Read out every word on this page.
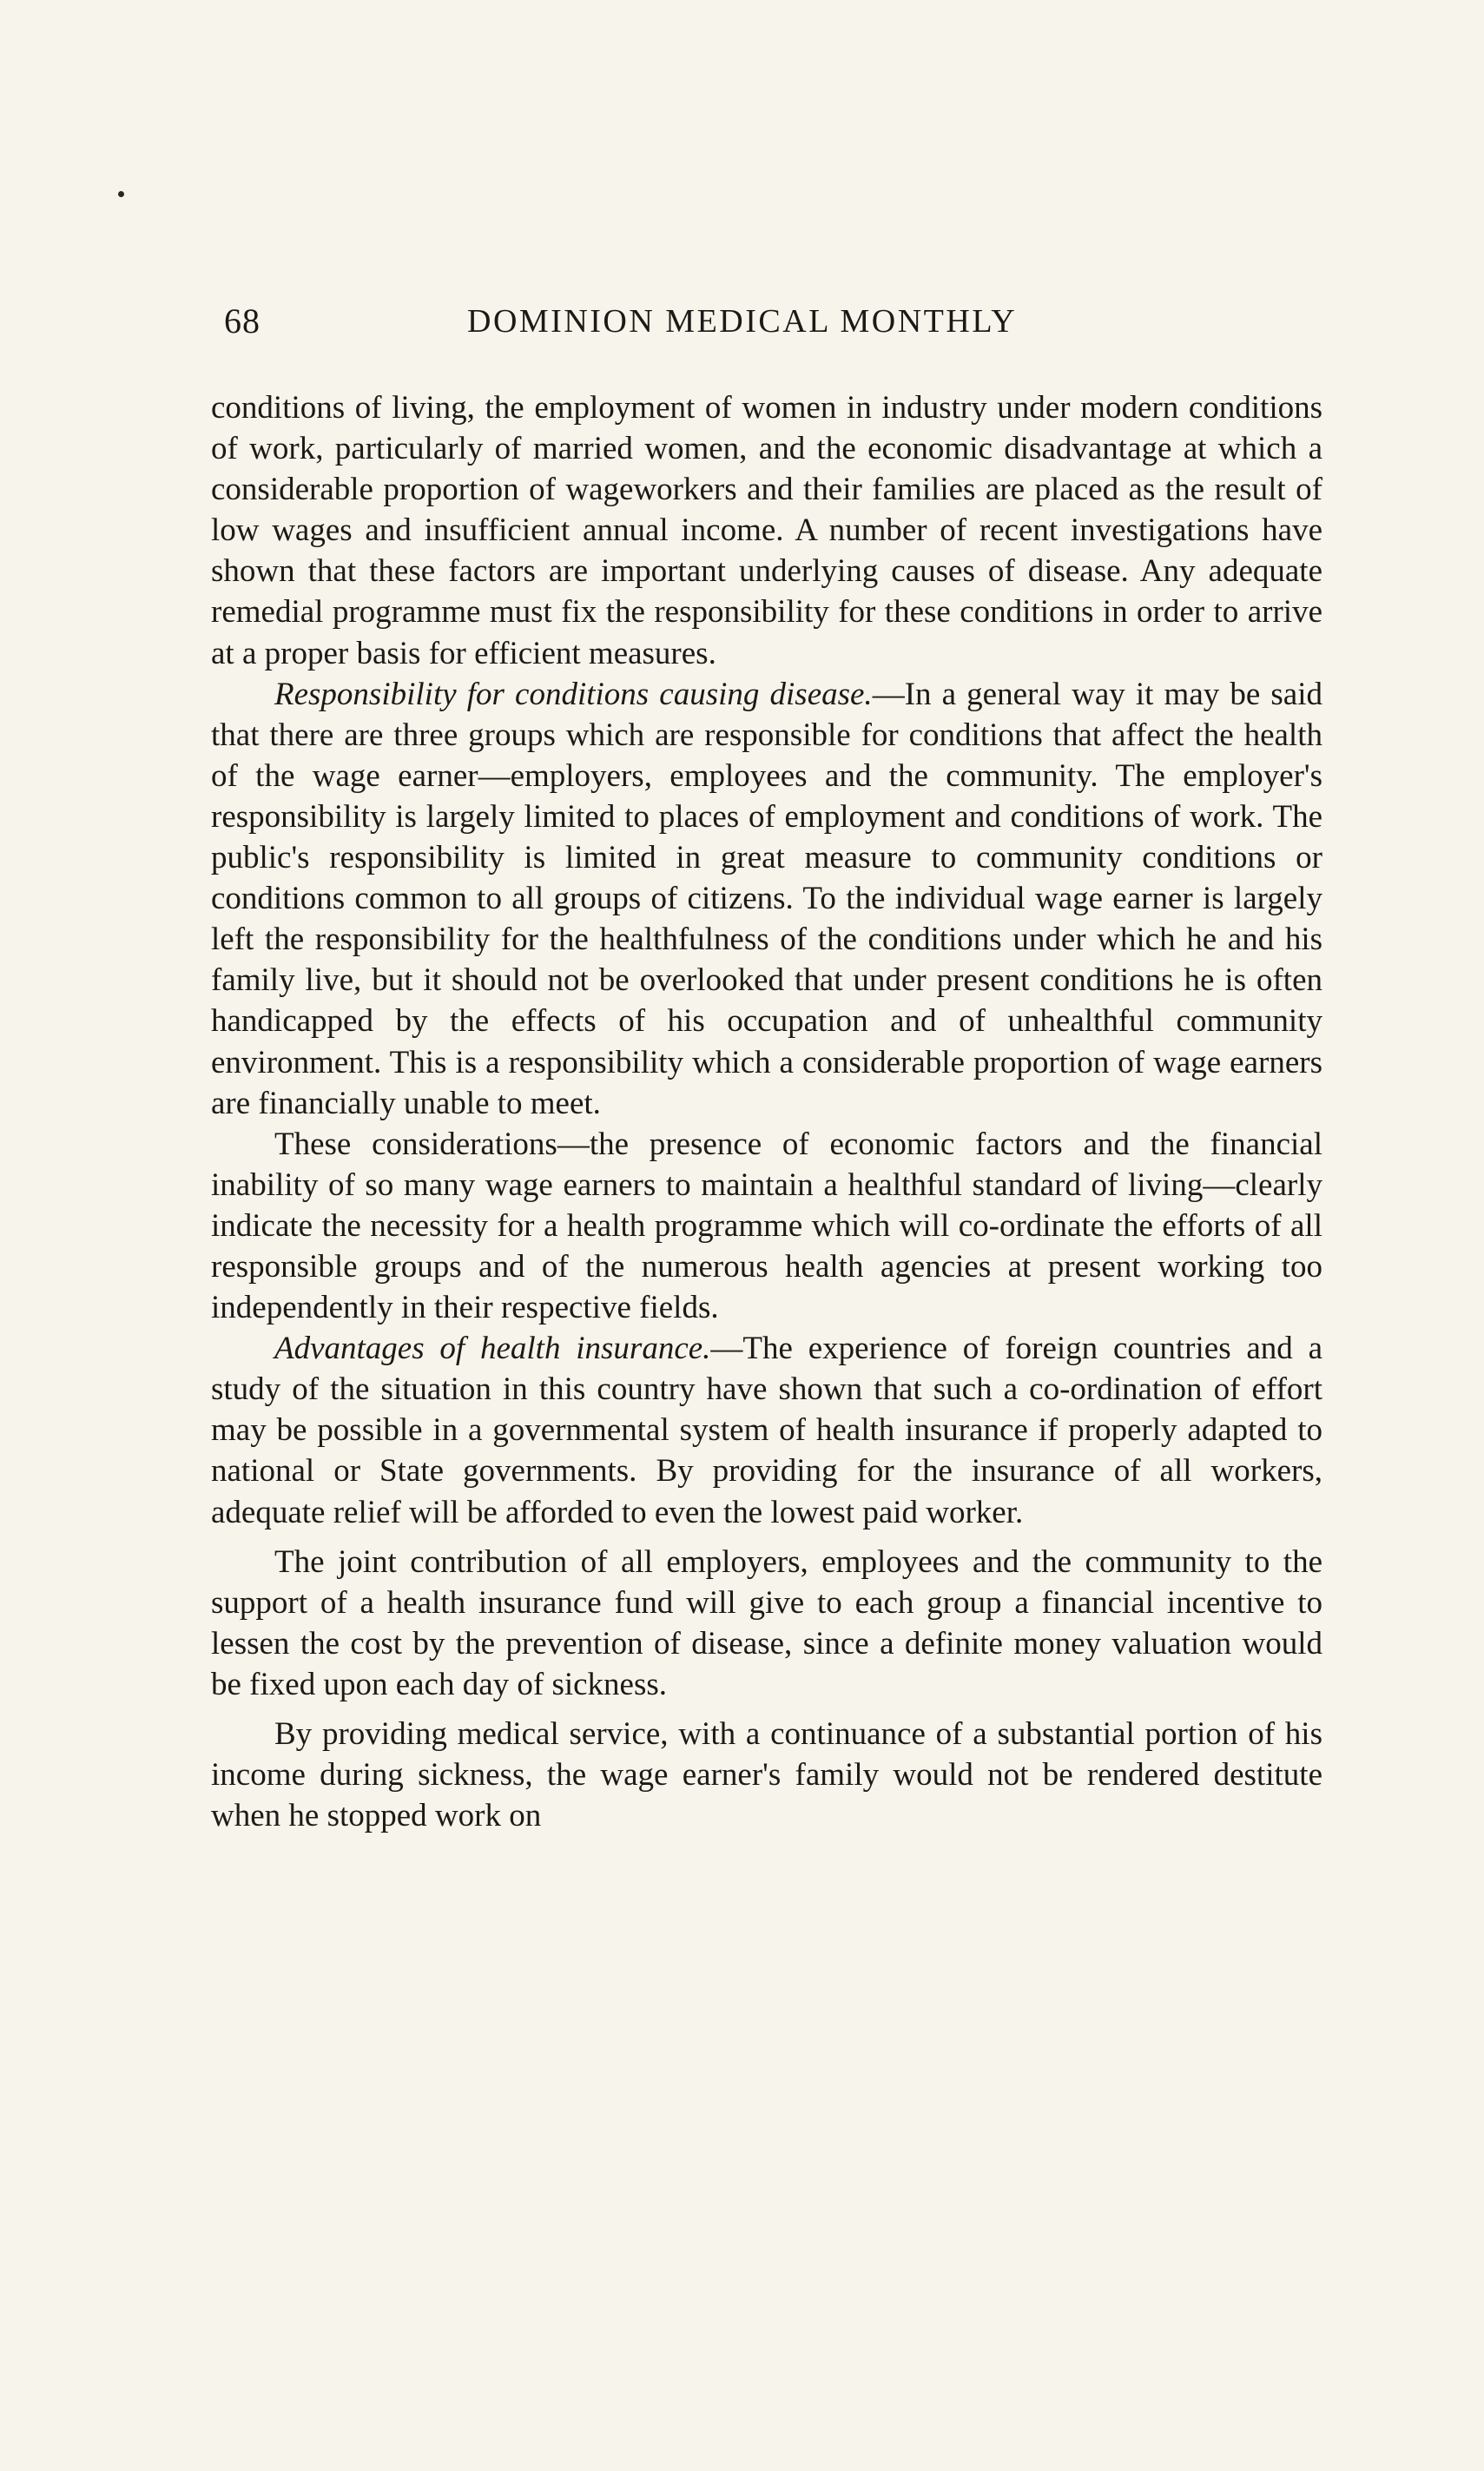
68	DOMINION MEDICAL MONTHLY

conditions of living, the employment of women in industry under modern conditions of work, particularly of married women, and the economic disadvantage at which a considerable proportion of wageworkers and their families are placed as the result of low wages and insufficient annual income. A number of recent investigations have shown that these factors are important underlying causes of disease. Any adequate remedial programme must fix the responsibility for these conditions in order to arrive at a proper basis for efficient measures.

Responsibility for conditions causing disease.—In a general way it may be said that there are three groups which are responsible for conditions that affect the health of the wage earner—employers, employees and the community. The employer's responsibility is largely limited to places of employment and conditions of work. The public's responsibility is limited in great measure to community conditions or conditions common to all groups of citizens. To the individual wage earner is largely left the responsibility for the healthfulness of the conditions under which he and his family live, but it should not be overlooked that under present conditions he is often handicapped by the effects of his occupation and of unhealthful community environment. This is a responsibility which a considerable proportion of wage earners are financially unable to meet.

These considerations—the presence of economic factors and the financial inability of so many wage earners to maintain a healthful standard of living—clearly indicate the necessity for a health programme which will co-ordinate the efforts of all responsible groups and of the numerous health agencies at present working too independently in their respective fields.

Advantages of health insurance.—The experience of foreign countries and a study of the situation in this country have shown that such a co-ordination of effort may be possible in a governmental system of health insurance if properly adapted to national or State governments. By providing for the insurance of all workers, adequate relief will be afforded to even the lowest paid worker.

The joint contribution of all employers, employees and the community to the support of a health insurance fund will give to each group a financial incentive to lessen the cost by the prevention of disease, since a definite money valuation would be fixed upon each day of sickness.

By providing medical service, with a continuance of a substantial portion of his income during sickness, the wage earner's family would not be rendered destitute when he stopped work on
